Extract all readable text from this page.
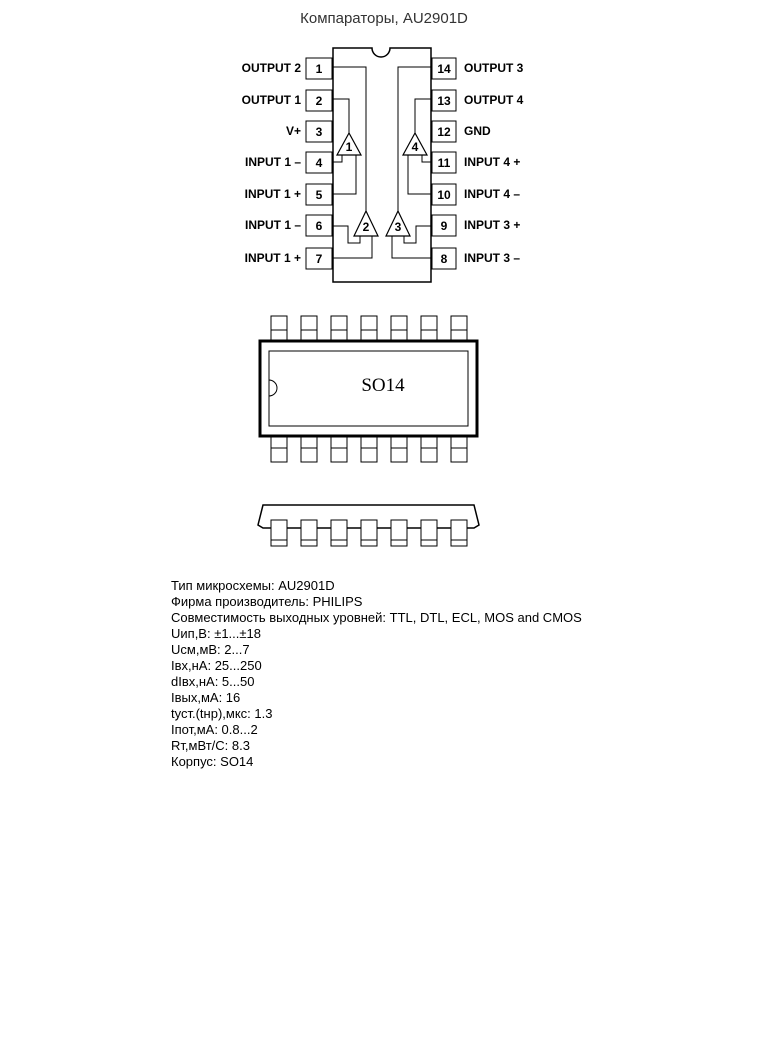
Компараторы, AU2901D
1
OUTPUT 2
2
OUTPUT 1
3
V+
4
INPUT 1 –
5
INPUT 1 +
6
INPUT 1 –
7
INPUT 1 +
14 OUTPUT 3
13 OUTPUT 4
12 GND
11 INPUT 4 +
10 INPUT 4 –
9 INPUT 3 +
8 INPUT 3 –
1
2 3
4
SO14
Тип микросхемы: AU2901D
Фирма производитель: PHILIPS
Совместимость выходных уровней: TTL, DTL, ECL, MOS and CMOS
Uип,В: ±1...±18
Uсм,мВ: 2...7
Iвх,нА: 25...250
dIвх,нА: 5...50
Iвых,мА: 16
tуст.(tнр),мкс: 1.3
Iпот,мА: 0.8...2
Rт,мВт/С: 8.3
Корпус: SO14
